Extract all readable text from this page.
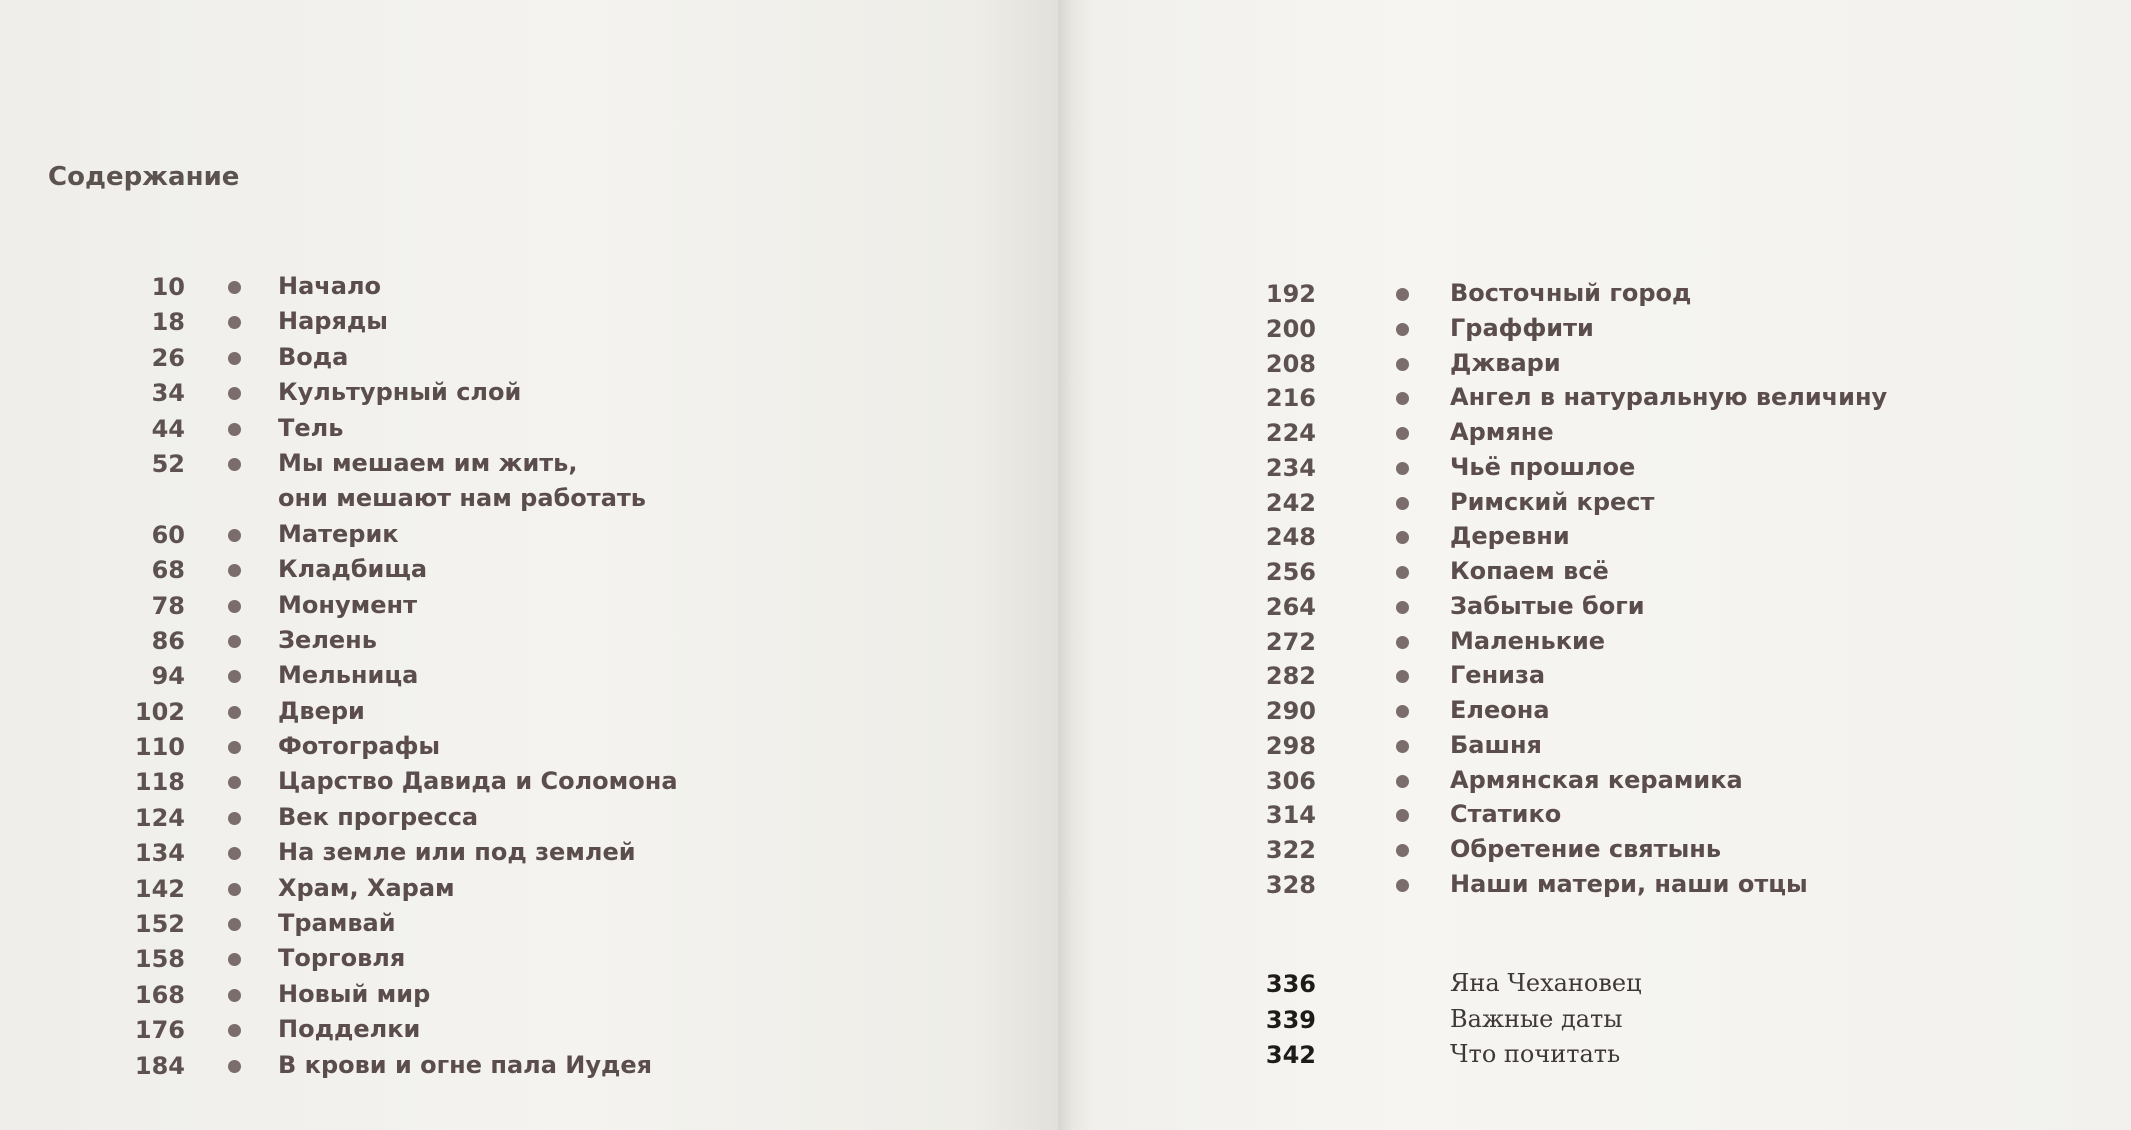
Содержание
10	Начало
18	Наряды
26	Вода
34	Культурный слой
44	Тель
52	Мы мешаем им жить,
они мешают нам работать
60	Материк
68	Кладбища
78	Монумент
86	Зелень
94	Мельница
102	Двери
110	Фотографы
118	Царство Давида и Соломона
124	Век прогресса
134	На земле или под землей
142	Храм, Харам
152	Трамвай
158	Торговля
168	Новый мир
176	Подделки
184	В крови и огне пала Иудея
192	Восточный город
200	Граффити
208	Джвари
216	Ангел в натуральную величину
224	Армяне
234	Чьё прошлое
242	Римский крест
248	Деревни
256	Копаем всё
264	Забытые боги
272	Маленькие
282	Гениза
290	Елеона
298	Башня
306	Армянская керамика
314	Статико
322	Обретение святынь
328	Наши матери, наши отцы
336	Яна Чехановец
339	Важные даты
342	Что почитать
